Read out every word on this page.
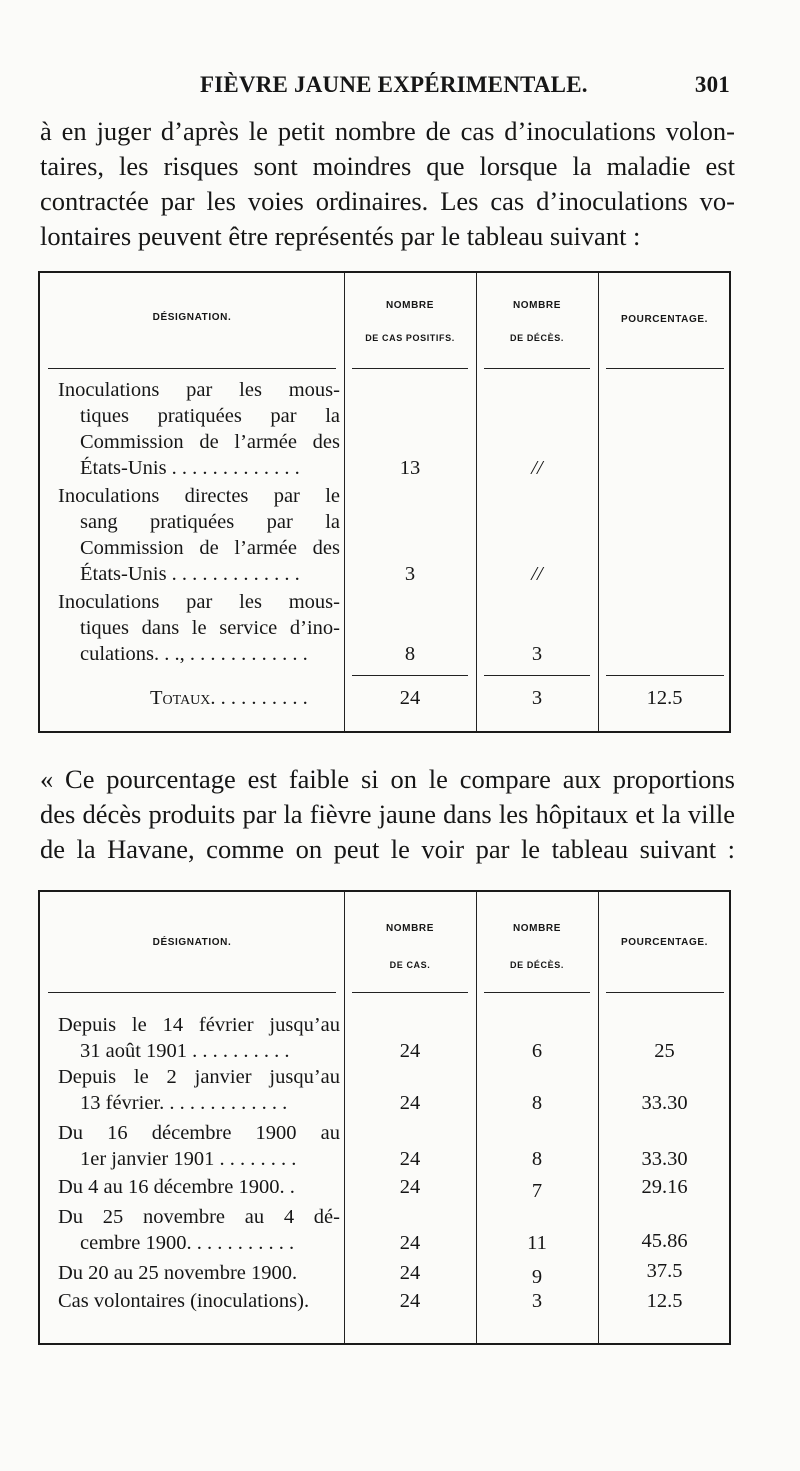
FIÈVRE JAUNE EXPÉRIMENTALE.	301
à en juger d’après le petit nombre de cas d’inoculations volon-
taires, les risques sont moindres que lorsque la maladie est
contractée par les voies ordinaires. Les cas d’inoculations vo-
lontaires peuvent être représentés par le tableau suivant :
DÉSIGNATION.
NOMBRE
DE CAS POSITIFS.
NOMBRE
DE DÉCÈS.
POURCENTAGE.
Inoculations par les mous-
tiques pratiquées par la
Commission de l’armée des
États-Unis . . . . . . . . . . . . .	13	//
Inoculations directes par le
sang pratiquées par la
Commission de l’armée des
États-Unis . . . . . . . . . . . . .	3	//
Inoculations par les mous-
tiques dans le service d’ino-
culations. . ., . . . . . . . . . . . .	8	3
Totaux. . . . . . . . . .	24	3	12.5
« Ce pourcentage est faible si on le compare aux proportions
des décès produits par la fièvre jaune dans les hôpitaux et la ville
de la Havane, comme on peut le voir par le tableau suivant :
DÉSIGNATION.
NOMBRE
DE CAS.
NOMBRE
DE DÉCÈS.
POURCENTAGE.
Depuis le 14 février jusqu’au
31 août 1901 . . . . . . . . . .	24	6	25
Depuis le 2 janvier jusqu’au
13 février. . . . . . . . . . . . .	24	8	33.30
Du 16 décembre 1900 au
1er janvier 1901 . . . . . . . .	24	8	33.30
Du 4 au 16 décembre 1900. .	24	7	29.16
Du 25 novembre au 4 dé-
cembre 1900. . . . . . . . . . .	24	11	45.86
Du 20 au 25 novembre 1900.	24	9	37.5
Cas volontaires (inoculations).	24	3	12.5
